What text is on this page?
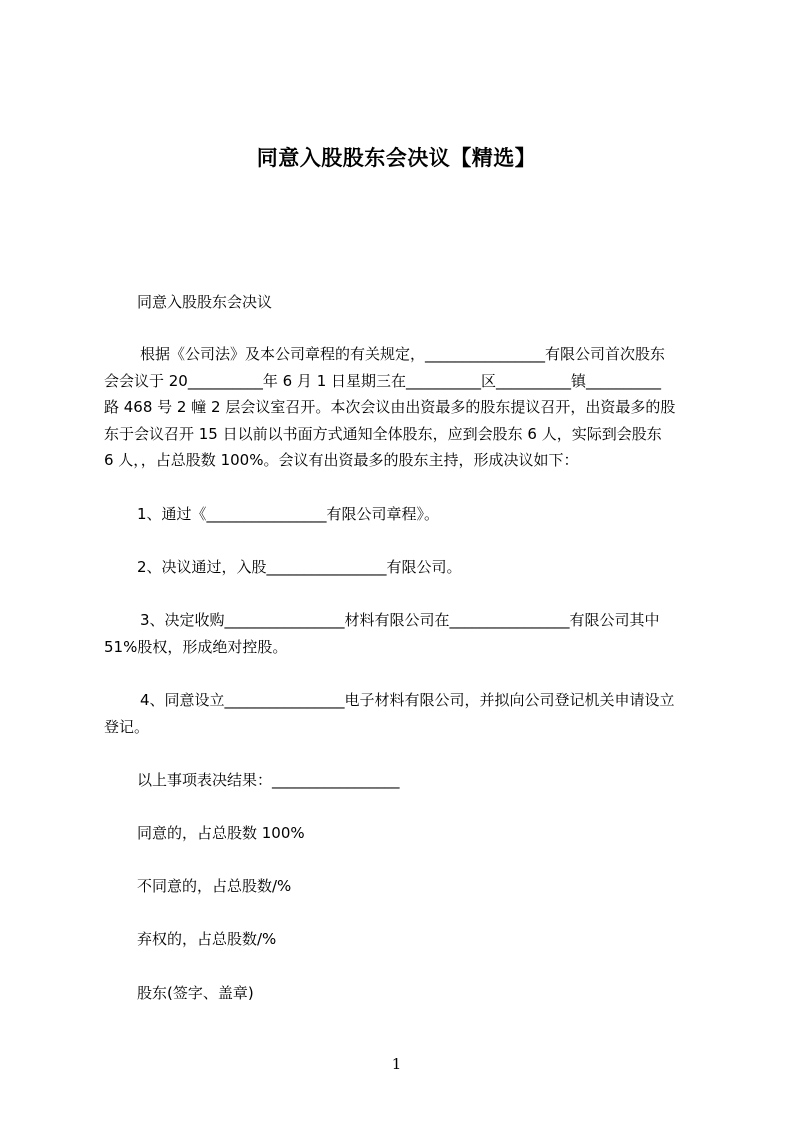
同意入股股东会决议【精选】
同意入股股东会决议
根据《公司法》及本公司章程的有关规定，________________有限公司首次股东
会会议于 20__________年 6 月 1 日星期三在__________区__________镇__________
路 468 号 2 幢 2 层会议室召开。本次会议由出资最多的股东提议召开，出资最多的股
东于会议召开 15 日以前以书面方式通知全体股东，应到会股东 6 人，实际到会股东
6 人，，占总股数 100%。会议有出资最多的股东主持，形成决议如下：
1、通过《________________有限公司章程》。
2、决议通过，入股________________有限公司。
3、决定收购________________材料有限公司在________________有限公司其中
51%股权，形成绝对控股。
4、同意设立________________电子材料有限公司，并拟向公司登记机关申请设立
登记。
以上事项表决结果：_________________
同意的，占总股数 100%
不同意的，占总股数/%
弃权的，占总股数/%
股东(签字、盖章)
1
